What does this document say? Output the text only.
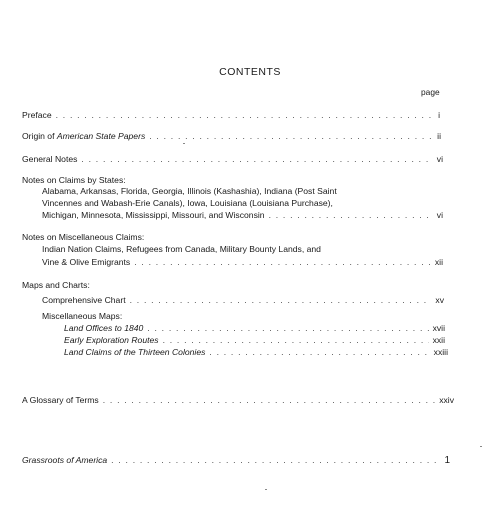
CONTENTS
page
Preface . . .	i
Origin of American State Papers . . .	ii
General Notes . . .	vi
Notes on Claims by States:
Alabama, Arkansas, Florida, Georgia, Illinois (Kashashia), Indiana (Post Saint
Vincennes and Wabash-Erie Canals), Iowa, Louisiana (Louisiana Purchase),
Michigan, Minnesota, Mississippi, Missouri, and Wisconsin . . .	vi
Notes on Miscellaneous Claims:
Indian Nation Claims, Refugees from Canada, Military Bounty Lands, and
Vine & Olive Emigrants . . .	xii
Maps and Charts:
Comprehensive Chart . . .	xv
Miscellaneous Maps:
Land Offices to 1840 . . .	xvii
Early Exploration Routes . . .	xxii
Land Claims of the Thirteen Colonies . . .	xxiii
A Glossary of Terms . . .	xxiv
Grassroots of America . . .	1
